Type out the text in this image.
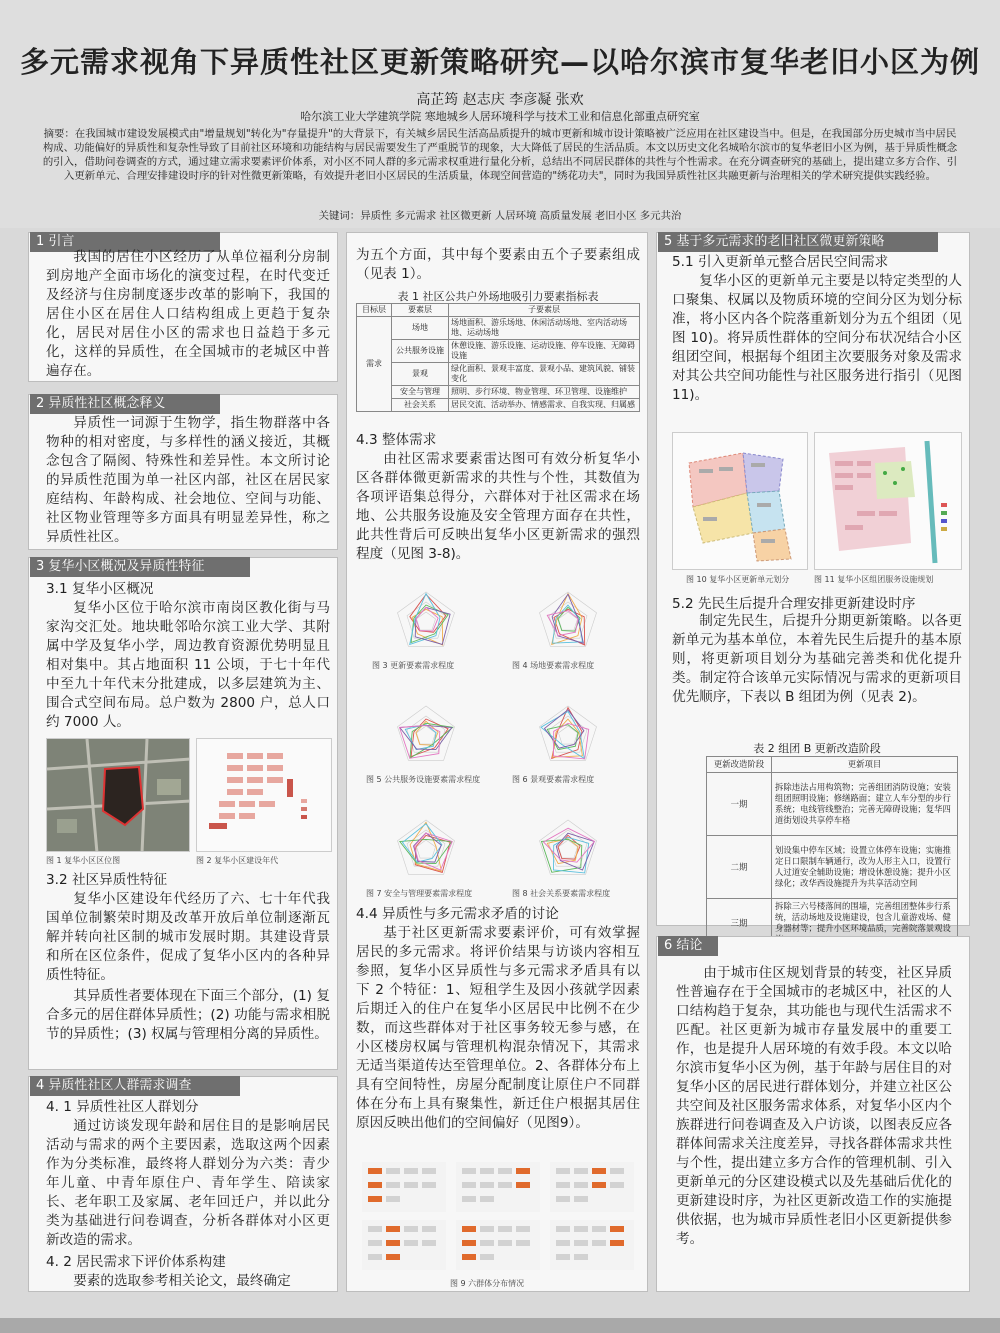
多元需求视角下异质性社区更新策略研究—以哈尔滨市复华老旧小区为例
高芷筠 赵志庆 李彦凝 张欢
哈尔滨工业大学建筑学院 寒地城乡人居环境科学与技术工业和信息化部重点研究室
摘要：在我国城市建设发展模式由"增量规划"转化为"存量提升"的大背景下，有关城乡居民生活高品质提升的城市更新和城市设计策略被广泛应用在社区建设当中。但是，在我国部分历史城市当中居民构成、功能偏好的异质性和复杂性导致了目前社区环境和功能结构与居民需要发生了严重脱节的现象，大大降低了居民的生活品质。本文以历史文化名城哈尔滨市的复华老旧小区为例，基于异质性概念的引入，借助问卷调查的方式，通过建立需求要素评价体系，对小区不同人群的多元需求权重进行量化分析，总结出不同居民群体的共性与个性需求。在充分调查研究的基础上，提出建立多方合作、引入更新单元、合理安排建设时序的针对性微更新策略，有效提升老旧小区居民的生活质量，体现空间营造的"绣花功夫"，同时为我国异质性社区共融更新与治理相关的学术研究提供实践经验。
关键词：异质性 多元需求 社区微更新 人居环境 高质量发展 老旧小区 多元共治
1 引言
我国的居住小区经历了从单位福利分房制到房地产全面市场化的演变过程，在时代变迁及经济与住房制度逐步改革的影响下，我国的居住小区在居住人口结构组成上更趋于复杂化，居民对居住小区的需求也日益趋于多元化，这样的异质性，在全国城市的老城区中普遍存在。
2 异质性社区概念释义
异质性一词源于生物学，指生物群落中各物种的相对密度，与多样性的涵义接近，其概念包含了隔阂、特殊性和差异性。本文所讨论的异质性范围为单一社区内部，社区在居民家庭结构、年龄构成、社会地位、空间与功能、社区物业管理等多方面具有明显差异性，称之异质性社区。
3 复华小区概况及异质性特征
3.1 复华小区概况
复华小区位于哈尔滨市南岗区教化街与马家沟交汇处。地块毗邻哈尔滨工业大学、其附属中学及复华小学，周边教育资源优势明显且相对集中。其占地面积 11 公顷，于七十年代中至九十年代末分批建成，以多层建筑为主、围合式空间布局。总户数为 2800 户，总人口约 7000 人。
图 1 复华小区区位图	图 2 复华小区建设年代
3.2 社区异质性特征
复华小区建设年代经历了六、七十年代我国单位制繁荣时期及改革开放后单位制逐渐瓦解并转向社区制的城市发展时期。其建设背景和所在区位条件，促成了复华小区内的各种异质性特征。
其异质性者要体现在下面三个部分，(1) 复合多元的居住群体异质性；(2) 功能与需求相脱节的异质性；(3) 权属与管理相分离的异质性。
4 异质性社区人群需求调查
4. 1 异质性社区人群划分
通过访谈发现年龄和居住目的是影响居民活动与需求的两个主要因素，选取这两个因素作为分类标准，最终将人群划分为六类：青少年儿童、中青年原住户、青年学生、陪读家长、老年职工及家属、老年回迁户，并以此分类为基础进行问卷调查，分析各群体对小区更新改造的需求。
4. 2 居民需求下评价体系构建
要素的选取参考相关论文，最终确定
为五个方面，其中每个要素由五个子要素组成（见表 1）。
表 1 社区公共户外场地吸引力要素指标表
目标层	要素层	子要素层
需求	场地	场地面积、游乐场地、休闲活动场地、室内活动场地、运动场地
	公共服务设施	休憩设施、游乐设施、运动设施、停车设施、无障碍设施
	景观	绿化面积、景观丰富度、景观小品、建筑风貌、铺装变化
	安全与管理	照明、步行环境、物业管理、环卫管理、设施维护
	社会关系	居民交流、活动举办、情感需求、自我实现、归属感
4.3 整体需求
由社区需求要素雷达图可有效分析复华小区各群体微更新需求的共性与个性，其数值为各项评语集总得分，六群体对于社区需求在场地、公共服务设施及安全管理方面存在共性，此共性背后可反映出复华小区更新需求的强烈程度（见图 3-8)。
图 3 更新要素需求程度	图 4 场地要素需求程度
图 5 公共服务设施要素需求程度	图 6 景观要素需求程度
图 7 安全与管理要素需求程度	图 8 社会关系要素需求程度
4.4 异质性与多元需求矛盾的讨论
基于社区更新需求要素评价，可有效掌握居民的多元需求。将评价结果与访谈内容相互参照，复华小区异质性与多元需求矛盾具有以下 2 个特征：1、短租学生及因小孩就学因素后期迁入的住户在复华小区居民中比例不在少数，而这些群体对于社区事务较无参与感，在小区楼房权属与管理机构混杂情况下，其需求无适当渠道传达至管理单位。2、各群体分布上具有空间特性，房屋分配制度让原住户不同群体在分布上具有聚集性，新迁住户根据其居住原因反映出他们的空间偏好（见图9）。
图 9 六群体分布情况
5 基于多元需求的老旧社区微更新策略
5.1 引入更新单元整合居民空间需求
复华小区的更新单元主要是以特定类型的人口聚集、权属以及物质环境的空间分区为划分标准，将小区内各个院落重新划分为五个组团（见图 10)。将异质性群体的空间分布状况结合小区组团空间，根据每个组团主次要服务对象及需求对其公共空间功能性与社区服务进行指引（见图 11)。
图 10 复华小区更新单元划分	图 11 复华小区组团服务设施规划
5.2 先民生后提升合理安排更新建设时序
制定先民生，后提升分期更新策略。以各更新单元为基本单位，本着先民生后提升的基本原则，将更新项目划分为基础完善类和优化提升类。制定符合该单元实际情况与需求的更新项目优先顺序，下表以 B 组团为例（见表 2)。
表 2 组团 B 更新改造阶段
更新改造阶段	更新项目
一期	拆除违法占用构筑物；完善组团消防设施；安装组团照明设施；修缮路面；建立人车分型的步行系统；电线管线整治；完善无障碍设施；复华四道街划设共享停车格
二期	划设集中停车区域；设置立体停车设施；实施推定日口限制车辆通行，改为人形主入口，设置行人过道安全辅助设施；增设休憩设施；提升小区绿化；改华西设施提升为共享活动空间
三期	拆除三六号楼落间的围墙，完善组团整体步行系统，活动场地及设施建设，包含儿童游戏场、健身器材等；提升小区环境品质，完善院落景观设
6 结论
由于城市住区规划背景的转变，社区异质性普遍存在于全国城市的老城区中，社区的人口结构趋于复杂，其功能也与现代生活需求不匹配。社区更新为城市存量发展中的重要工作，也是提升人居环境的有效手段。本文以哈尔滨市复华小区为例，基于年龄与居住目的对复华小区的居民进行群体划分，并建立社区公共空间及社区服务需求体系，对复华小区内个族群进行问卷调查及入户访谈，以图表反应各群体间需求关注度差异，寻找各群体需求共性与个性，提出建立多方合作的管理机制、引入更新单元的分区建设模式以及先基础后优化的更新建设时序，为社区更新改造工作的实施提供依据，也为城市异质性老旧小区更新提供参考。
